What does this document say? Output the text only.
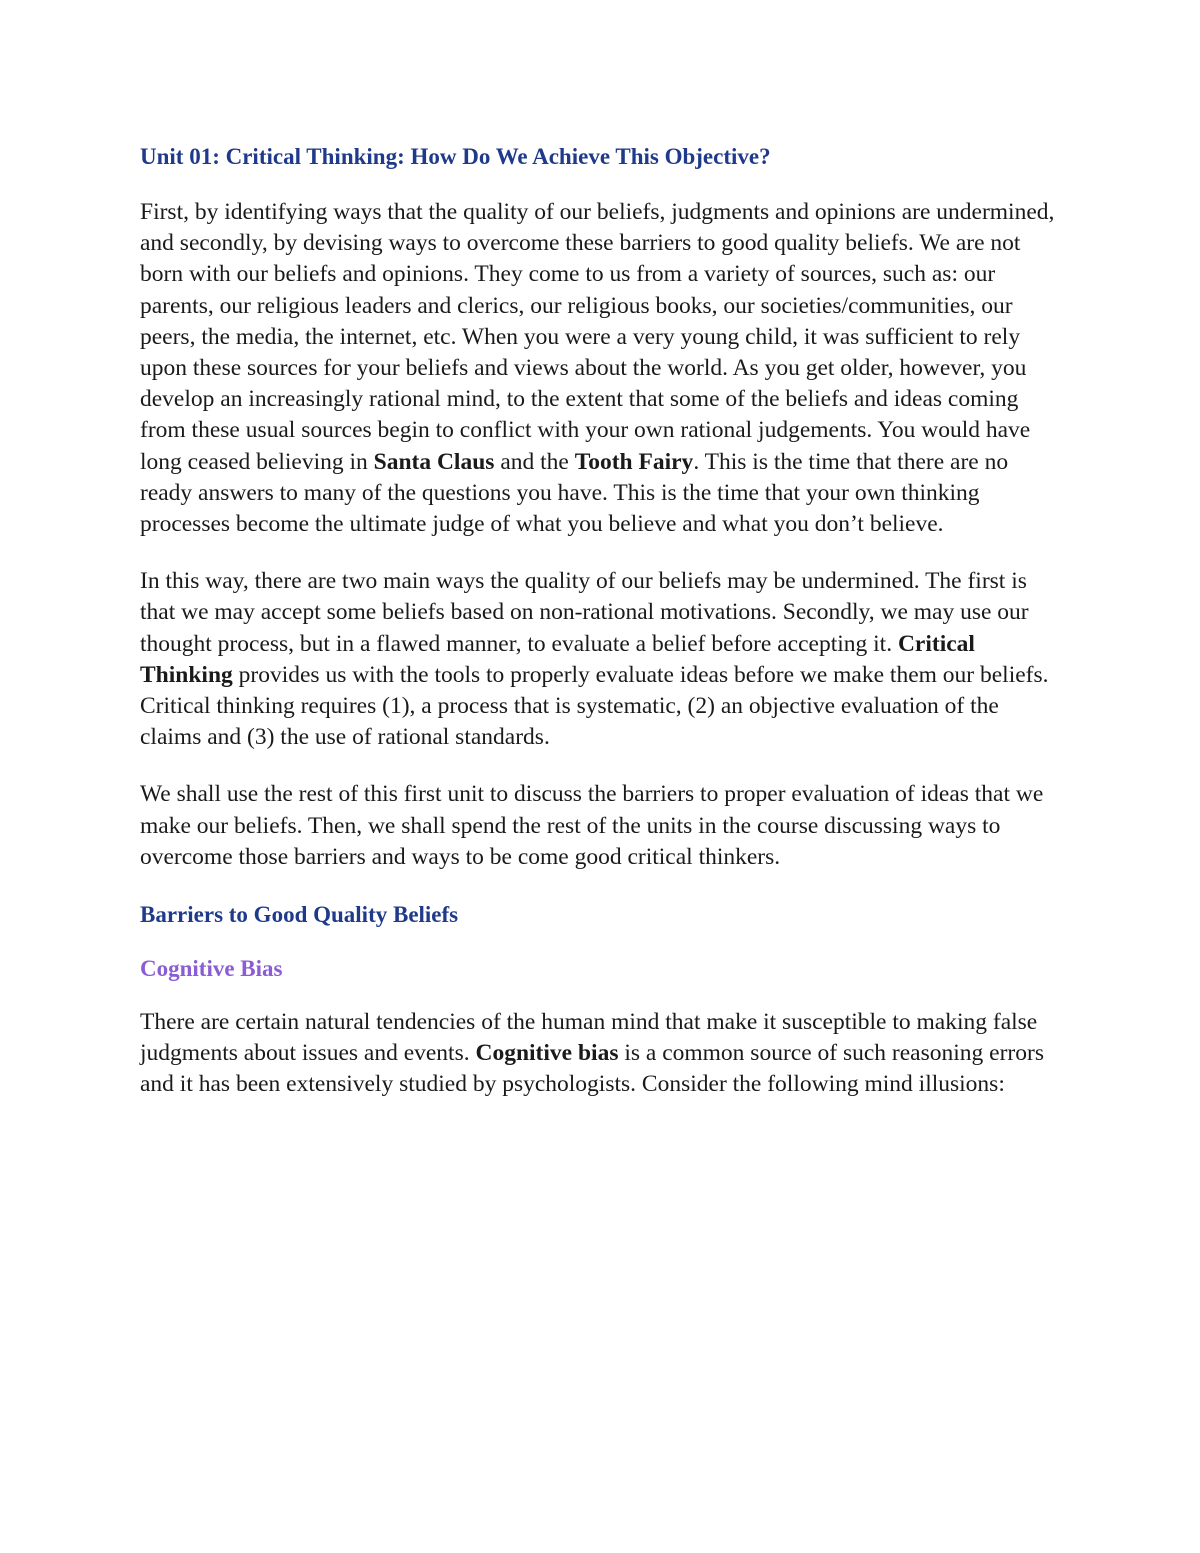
Unit 01: Critical Thinking: How Do We Achieve This Objective?
First, by identifying ways that the quality of our beliefs, judgments and opinions are undermined, and secondly, by devising ways to overcome these barriers to good quality beliefs. We are not born with our beliefs and opinions. They come to us from a variety of sources, such as: our parents, our religious leaders and clerics, our religious books, our societies/communities, our peers, the media, the internet, etc. When you were a very young child, it was sufficient to rely upon these sources for your beliefs and views about the world. As you get older, however, you develop an increasingly rational mind, to the extent that some of the beliefs and ideas coming from these usual sources begin to conflict with your own rational judgements. You would have long ceased believing in Santa Claus and the Tooth Fairy. This is the time that there are no ready answers to many of the questions you have. This is the time that your own thinking processes become the ultimate judge of what you believe and what you don’t believe.
In this way, there are two main ways the quality of our beliefs may be undermined. The first is that we may accept some beliefs based on non-rational motivations. Secondly, we may use our thought process, but in a flawed manner, to evaluate a belief before accepting it. Critical Thinking provides us with the tools to properly evaluate ideas before we make them our beliefs. Critical thinking requires (1), a process that is systematic, (2) an objective evaluation of the claims and (3) the use of rational standards.
We shall use the rest of this first unit to discuss the barriers to proper evaluation of ideas that we make our beliefs. Then, we shall spend the rest of the units in the course discussing ways to overcome those barriers and ways to be come good critical thinkers.
Barriers to Good Quality Beliefs
Cognitive Bias
There are certain natural tendencies of the human mind that make it susceptible to making false judgments about issues and events. Cognitive bias is a common source of such reasoning errors and it has been extensively studied by psychologists. Consider the following mind illusions:
